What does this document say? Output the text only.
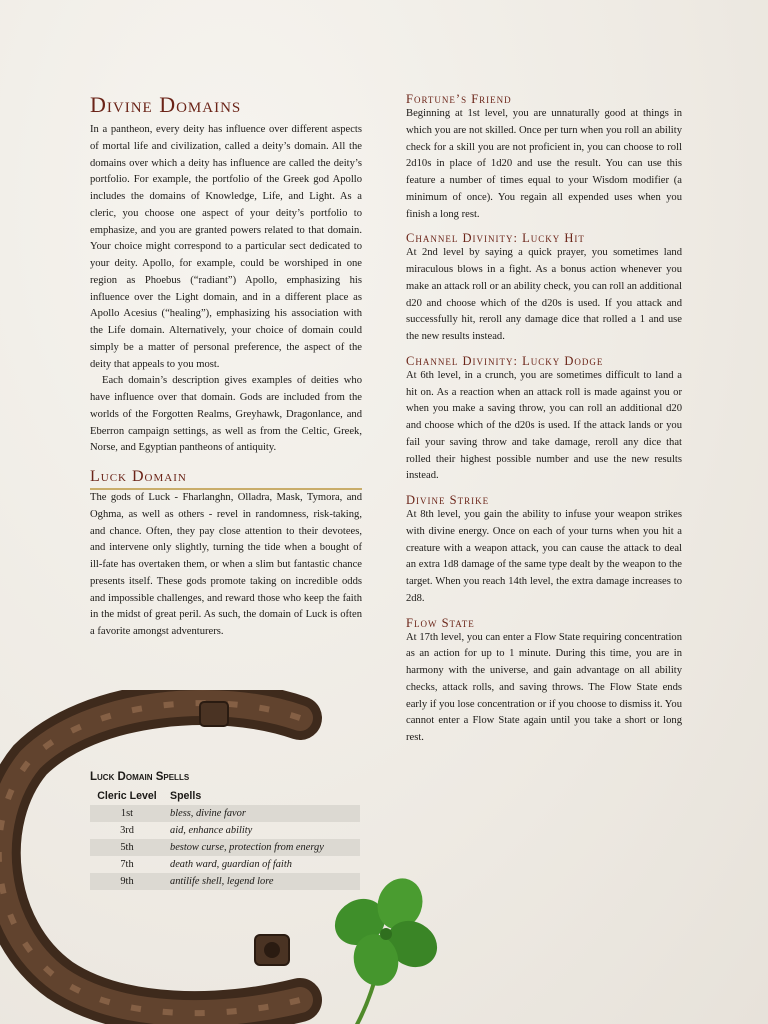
Divine Domains

In a pantheon, every deity has influence over different aspects of mortal life and civilization, called a deity’s domain. All the domains over which a deity has influence are called the deity’s portfolio. For example, the portfolio of the Greek god Apollo includes the domains of Knowledge, Life, and Light. As a cleric, you choose one aspect of your deity’s portfolio to emphasize, and you are granted powers related to that domain. Your choice might correspond to a particular sect dedicated to your deity. Apollo, for example, could be worshiped in one region as Phoebus (“radiant”) Apollo, emphasizing his influence over the Light domain, and in a different place as Apollo Acesius (“healing”), emphasizing his association with the Life domain. Alternatively, your choice of domain could simply be a matter of personal preference, the aspect of the deity that appeals to you most.

Each domain’s description gives examples of deities who have influence over that domain. Gods are included from the worlds of the Forgotten Realms, Greyhawk, Dragonlance, and Eberron campaign settings, as well as from the Celtic, Greek, Norse, and Egyptian pantheons of antiquity.

Luck Domain

The gods of Luck - Fharlanghn, Olladra, Mask, Tymora, and Oghma, as well as others - revel in randomness, risk-taking, and chance. Often, they pay close attention to their devotees, and intervene only slightly, turning the tide when a bought of ill-fate has overtaken them, or when a slim but fantastic chance presents itself. These gods promote taking on incredible odds and impossible challenges, and reward those who keep the faith in the midst of great peril. As such, the domain of Luck is often a favorite amongst adventurers.

Luck Domain Spells
Cleric Level	Spells
1st	bless, divine favor
3rd	aid, enhance ability
5th	bestow curse, protection from energy
7th	death ward, guardian of faith
9th	antilife shell, legend lore
Fortune’s Friend

Beginning at 1st level, you are unnaturally good at things in which you are not skilled. Once per turn when you roll an ability check for a skill you are not proficient in, you can choose to roll 2d10s in place of 1d20 and use the result. You can use this feature a number of times equal to your Wisdom modifier (a minimum of once). You regain all expended uses when you finish a long rest.

Channel Divinity: Lucky Hit

At 2nd level by saying a quick prayer, you sometimes land miraculous blows in a fight. As a bonus action whenever you make an attack roll or an ability check, you can roll an additional d20 and choose which of the d20s is used. If you attack and successfully hit, reroll any damage dice that rolled a 1 and use the new results instead.

Channel Divinity: Lucky Dodge

At 6th level, in a crunch, you are sometimes difficult to land a hit on. As a reaction when an attack roll is made against you or when you make a saving throw, you can roll an additional d20 and choose which of the d20s is used. If the attack lands or you fail your saving throw and take damage, reroll any dice that rolled their highest possible number and use the new results instead.

Divine Strike

At 8th level, you gain the ability to infuse your weapon strikes with divine energy. Once on each of your turns when you hit a creature with a weapon attack, you can cause the attack to deal an extra 1d8 damage of the same type dealt by the weapon to the target. When you reach 14th level, the extra damage increases to 2d8.

Flow State

At 17th level, you can enter a Flow State requiring concentration as an action for up to 1 minute. During this time, you are in harmony with the universe, and gain advantage on all ability checks, attack rolls, and saving throws. The Flow State ends early if you lose concentration or if you choose to dismiss it. You cannot enter a Flow State again until you take a short or long rest.
